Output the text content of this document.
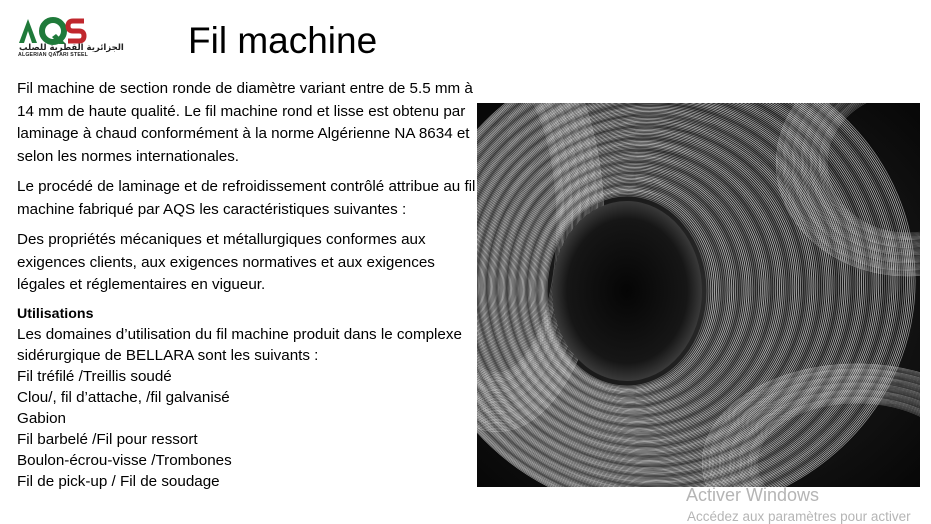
الجزائرية القطرية للصلب
ALGERIAN QATARI STEEL	Fil machine

Fil machine de section ronde de diamètre variant entre de 5.5 mm à 14 mm de haute qualité. Le fil machine rond et lisse est obtenu par laminage à chaud conformément à la norme Algérienne NA 8634 et selon les normes internationales.

Le procédé de laminage et de refroidissement contrôlé attribue au fil machine fabriqué par AQS les caractéristiques suivantes :

Des propriétés mécaniques et métallurgiques conformes aux exigences clients, aux exigences normatives et aux exigences légales et réglementaires en vigueur.

Utilisations
Les domaines d’utilisation du fil machine produit dans le complexe sidérurgique de BELLARA sont les suivants :
Fil tréfilé /Treillis soudé
Clou/, fil d’attache, /fil galvanisé
Gabion
Fil barbelé /Fil pour ressort
Boulon-écrou-visse /Trombones
Fil de pick-up / Fil de soudage
Activer Windows
Accédez aux paramètres pour activer
